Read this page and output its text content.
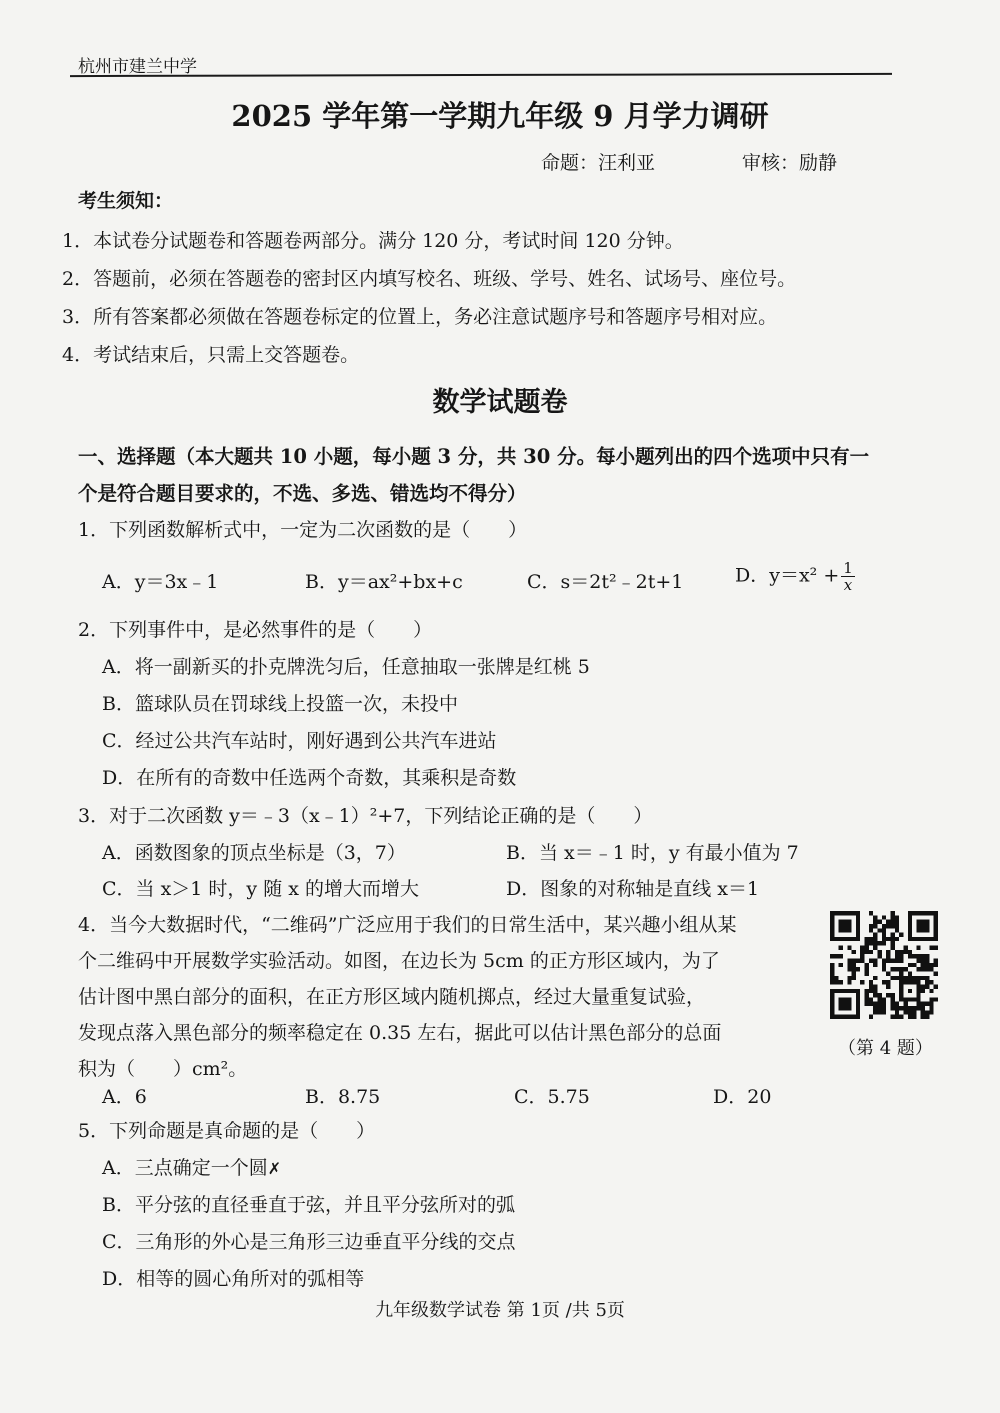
杭州市建兰中学
2025 学年第一学期九年级 9 月学力调研
命题：汪利亚	审核：励静
考生须知：
1．本试卷分试题卷和答题卷两部分。满分 120 分，考试时间 120 分钟。
2．答题前，必须在答题卷的密封区内填写校名、班级、学号、姓名、试场号、座位号。
3．所有答案都必须做在答题卷标定的位置上，务必注意试题序号和答题序号相对应。
4．考试结束后，只需上交答题卷。
数学试题卷
一、选择题（本大题共 10 小题，每小题 3 分，共 30 分。每小题列出的四个选项中只有一
个是符合题目要求的，不选、多选、错选均不得分）
1．下列函数解析式中，一定为二次函数的是（　　）
A．y＝3x﹣1	B．y＝ax²+bx+c	C．s＝2t²﹣2t+1	D．$y=x^2 + \frac{1}{x}$
2．下列事件中，是必然事件的是（　　）
A．将一副新买的扑克牌洗匀后，任意抽取一张牌是红桃 5
B．篮球队员在罚球线上投篮一次，未投中
C．经过公共汽车站时，刚好遇到公共汽车进站
D．在所有的奇数中任选两个奇数，其乘积是奇数
3．对于二次函数 y＝﹣3（x﹣1）²+7，下列结论正确的是（　　）
A．函数图象的顶点坐标是（3，7）	B．当 x＝﹣1 时，y 有最小值为 7
C．当 x＞1 时，y 随 x 的增大而增大	D．图象的对称轴是直线 x＝1
4．当今大数据时代，“二维码”广泛应用于我们的日常生活中，某兴趣小组从某
个二维码中开展数学实验活动。如图，在边长为 5cm 的正方形区域内，为了
估计图中黑白部分的面积，在正方形区域内随机掷点，经过大量重复试验，
发现点落入黑色部分的频率稳定在 0.35 左右，据此可以估计黑色部分的总面
积为（　　）cm²。
A．6	B．8.75	C．5.75	D．20
（第 4 题）
5．下列命题是真命题的是（　　）
A．三点确定一个圆✗
B．平分弦的直径垂直于弦，并且平分弦所对的弧
C．三角形的外心是三角形三边垂直平分线的交点
D．相等的圆心角所对的弧相等
九年级数学试卷 第 1页 /共 5页
